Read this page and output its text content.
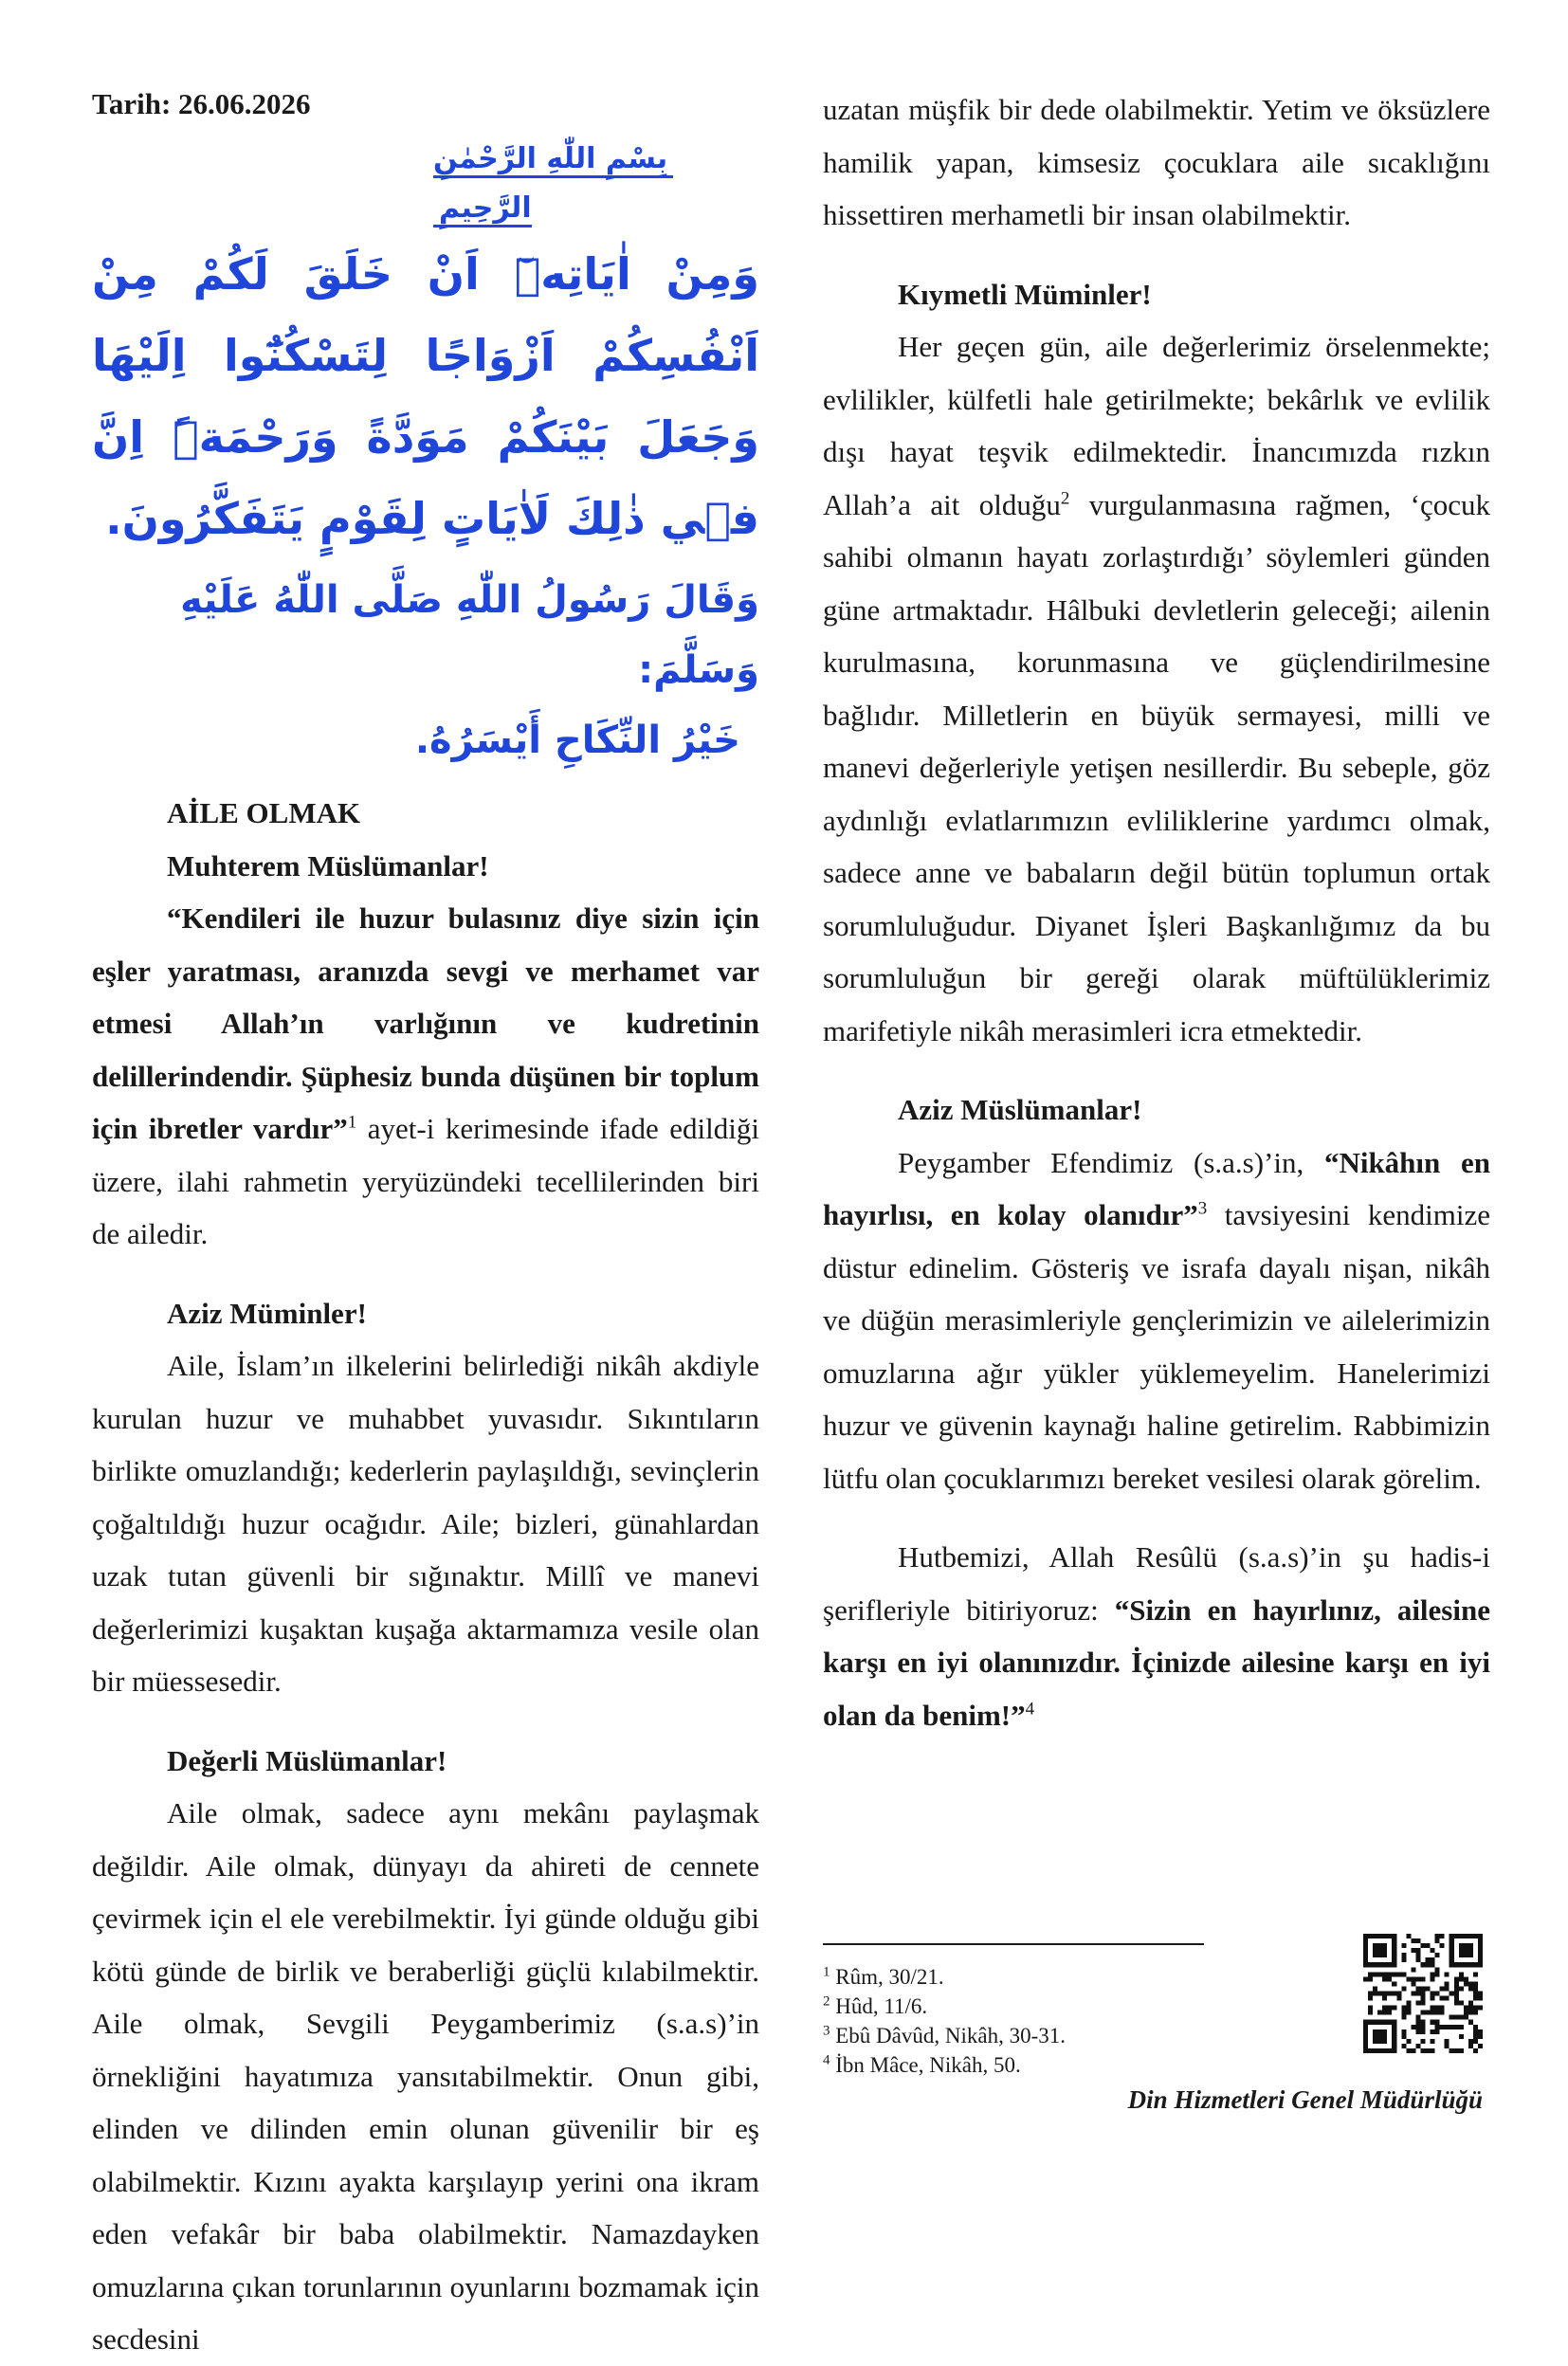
Tarih: 26.06.2026

بِسْمِ اللّٰهِ الرَّحْمٰنِ الرَّحِيمِ

وَمِنْ اٰيَاتِهٖٓ اَنْ خَلَقَ لَكُمْ مِنْ اَنْفُسِكُمْ اَزْوَاجًا لِتَسْكُنُٓوا اِلَيْهَا وَجَعَلَ بَيْنَكُمْ مَوَدَّةً وَرَحْمَةًۜ اِنَّ فٖي ذٰلِكَ لَاٰيَاتٍ لِقَوْمٍ يَتَفَكَّرُونَ.

وَقَالَ رَسُولُ اللّٰهِ صَلَّى اللّٰهُ عَلَيْهِ وَسَلَّمَ:

خَيْرُ النِّكَاحِ أَيْسَرُهُ.

AİLE OLMAK

Muhterem Müslümanlar!

“Kendileri ile huzur bulasınız diye sizin için eşler yaratması, aranızda sevgi ve merhamet var etmesi Allah’ın varlığının ve kudretinin delillerindendir. Şüphesiz bunda düşünen bir toplum için ibretler vardır”$^1$ ayet-i kerimesinde ifade edildiği üzere, ilahi rahmetin yeryüzündeki tecellilerinden biri de ailedir.

Aziz Müminler!

Aile, İslam’ın ilkelerini belirlediği nikâh akdiyle kurulan huzur ve muhabbet yuvasıdır. Sıkıntıların birlikte omuzlandığı; kederlerin paylaşıldığı, sevinçlerin çoğaltıldığı huzur ocağıdır. Aile; bizleri, günahlardan uzak tutan güvenli bir sığınaktır. Millî ve manevi değerlerimizi kuşaktan kuşağa aktarmamıza vesile olan bir müessesedir.

Değerli Müslümanlar!

Aile olmak, sadece aynı mekânı paylaşmak değildir. Aile olmak, dünyayı da ahireti de cennete çevirmek için el ele verebilmektir. İyi günde olduğu gibi kötü günde de birlik ve beraberliği güçlü kılabilmektir. Aile olmak, Sevgili Peygamberimiz (s.a.s)’in örnekliğini hayatımıza yansıtabilmektir. Onun gibi, elinden ve dilinden emin olunan güvenilir bir eş olabilmektir. Kızını ayakta karşılayıp yerini ona ikram eden vefakâr bir baba olabilmektir. Namazdayken omuzlarına çıkan torunlarının oyunlarını bozmamak için secdesini

uzatan müşfik bir dede olabilmektir. Yetim ve öksüzlere hamilik yapan, kimsesiz çocuklara aile sıcaklığını hissettiren merhametli bir insan olabilmektir.

Kıymetli Müminler!

Her geçen gün, aile değerlerimiz örselenmekte; evlilikler, külfetli hale getirilmekte; bekârlık ve evlilik dışı hayat teşvik edilmektedir. İnancımızda rızkın Allah’a ait olduğu$^2$ vurgulanmasına rağmen, ‘çocuk sahibi olmanın hayatı zorlaştırdığı’ söylemleri günden güne artmaktadır. Hâlbuki devletlerin geleceği; ailenin kurulmasına, korunmasına ve güçlendirilmesine bağlıdır. Milletlerin en büyük sermayesi, milli ve manevi değerleriyle yetişen nesillerdir. Bu sebeple, göz aydınlığı evlatlarımızın evliliklerine yardımcı olmak, sadece anne ve babaların değil bütün toplumun ortak sorumluluğudur. Diyanet İşleri Başkanlığımız da bu sorumluluğun bir gereği olarak müftülüklerimiz marifetiyle nikâh merasimleri icra etmektedir.

Aziz Müslümanlar!

Peygamber Efendimiz (s.a.s)’in, “Nikâhın en hayırlısı, en kolay olanıdır”$^3$ tavsiyesini kendimize düstur edinelim. Gösteriş ve israfa dayalı nişan, nikâh ve düğün merasimleriyle gençlerimizin ve ailelerimizin omuzlarına ağır yükler yüklemeyelim. Hanelerimizi huzur ve güvenin kaynağı haline getirelim. Rabbimizin lütfu olan çocuklarımızı bereket vesilesi olarak görelim.

Hutbemizi, Allah Resûlü (s.a.s)’in şu hadis-i şerifleriyle bitiriyoruz: “Sizin en hayırlınız, ailesine karşı en iyi olanınızdır. İçinizde ailesine karşı en iyi olan da benim!”$^4$

$^1$ Rûm, 30/21.
$^2$ Hûd, 11/6.
$^3$ Ebû Dâvûd, Nikâh, 30-31.
$^4$ İbn Mâce, Nikâh, 50.
Din Hizmetleri Genel Müdürlüğü
